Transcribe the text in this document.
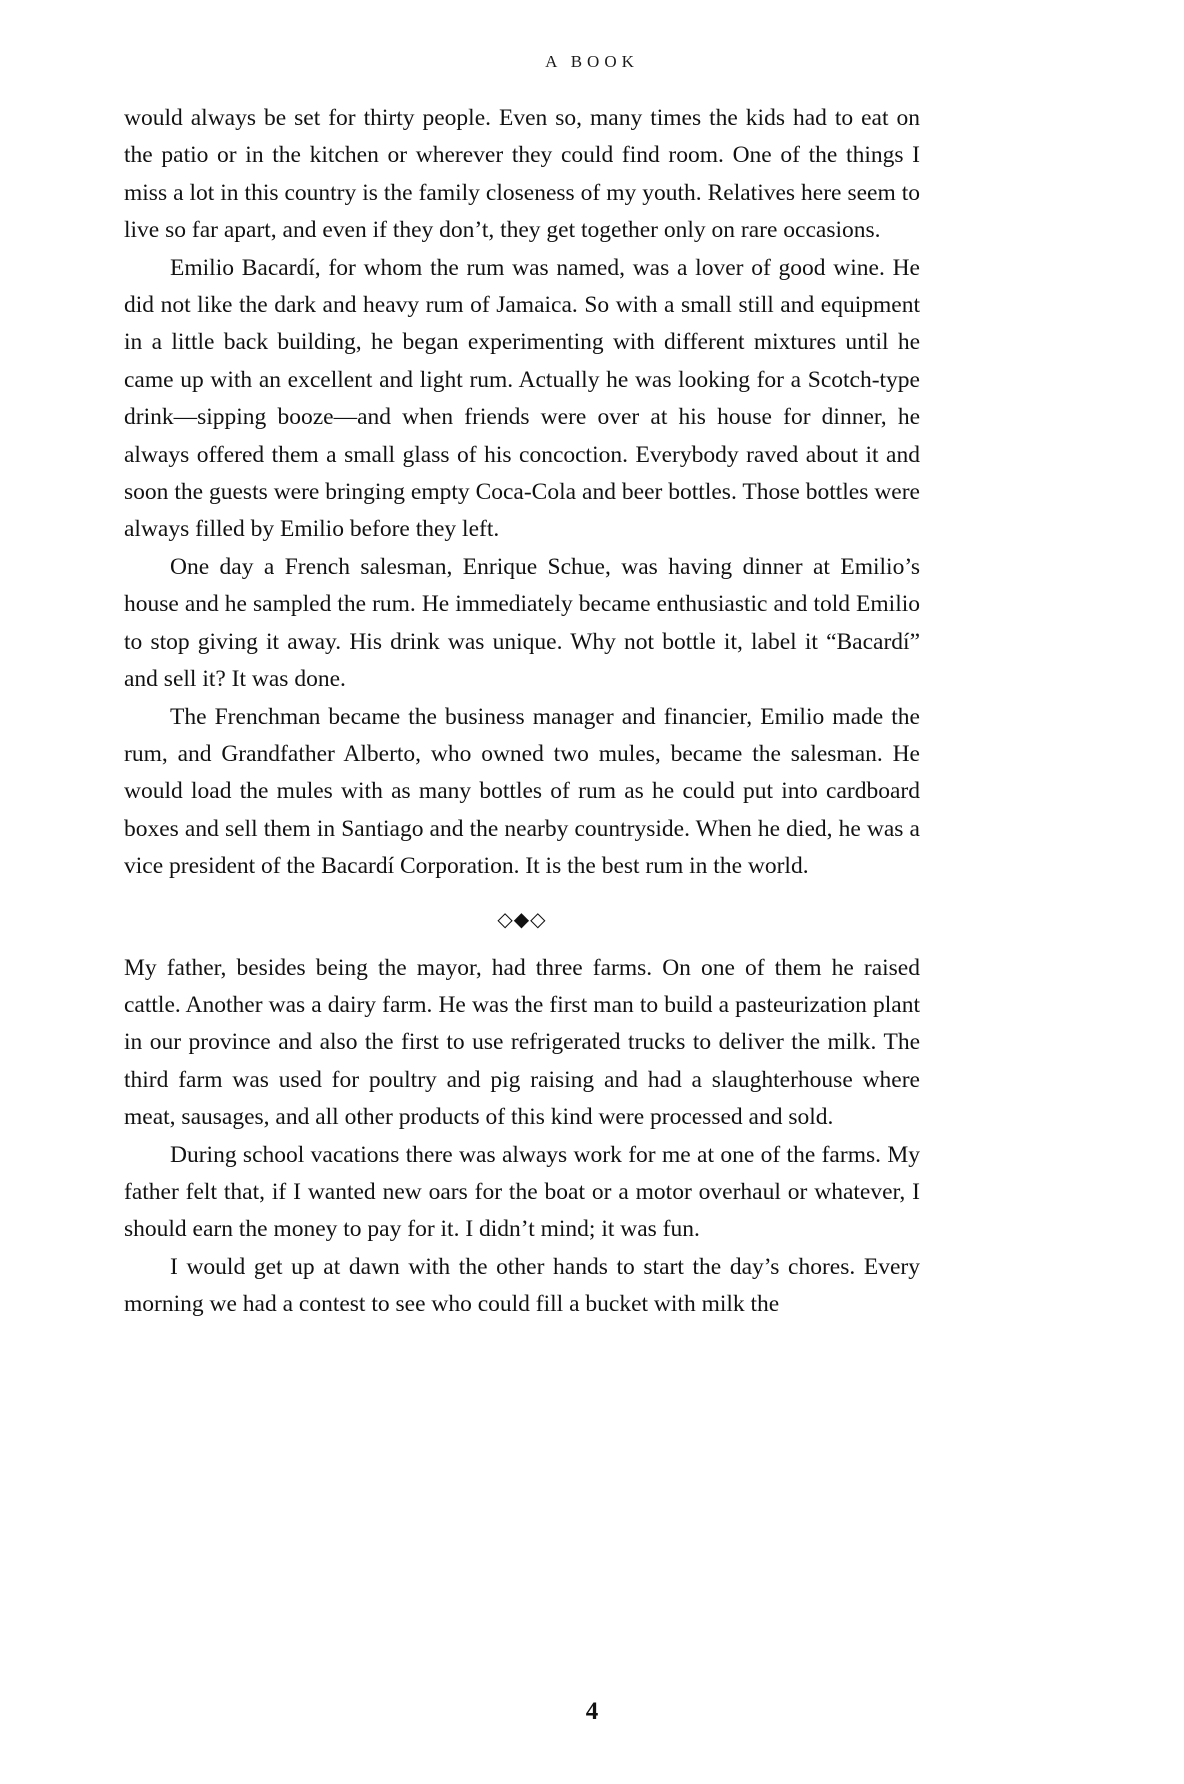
A BOOK

would always be set for thirty people. Even so, many times the kids had to eat on the patio or in the kitchen or wherever they could find room. One of the things I miss a lot in this country is the family closeness of my youth. Relatives here seem to live so far apart, and even if they don’t, they get together only on rare occasions.

Emilio Bacardí, for whom the rum was named, was a lover of good wine. He did not like the dark and heavy rum of Jamaica. So with a small still and equipment in a little back building, he began experimenting with different mixtures until he came up with an excellent and light rum. Actually he was looking for a Scotch-type drink—sipping booze—and when friends were over at his house for dinner, he always offered them a small glass of his concoction. Everybody raved about it and soon the guests were bringing empty Coca-Cola and beer bottles. Those bottles were always filled by Emilio before they left.

One day a French salesman, Enrique Schue, was having dinner at Emilio’s house and he sampled the rum. He immediately became enthusiastic and told Emilio to stop giving it away. His drink was unique. Why not bottle it, label it “Bacardí” and sell it? It was done.

The Frenchman became the business manager and financier, Emilio made the rum, and Grandfather Alberto, who owned two mules, became the salesman. He would load the mules with as many bottles of rum as he could put into cardboard boxes and sell them in Santiago and the nearby countryside. When he died, he was a vice president of the Bacardí Corporation. It is the best rum in the world.

◇◆◇

My father, besides being the mayor, had three farms. On one of them he raised cattle. Another was a dairy farm. He was the first man to build a pasteurization plant in our province and also the first to use refrigerated trucks to deliver the milk. The third farm was used for poultry and pig raising and had a slaughterhouse where meat, sausages, and all other products of this kind were processed and sold.

During school vacations there was always work for me at one of the farms. My father felt that, if I wanted new oars for the boat or a motor overhaul or whatever, I should earn the money to pay for it. I didn’t mind; it was fun.

I would get up at dawn with the other hands to start the day’s chores. Every morning we had a contest to see who could fill a bucket with milk the

4
